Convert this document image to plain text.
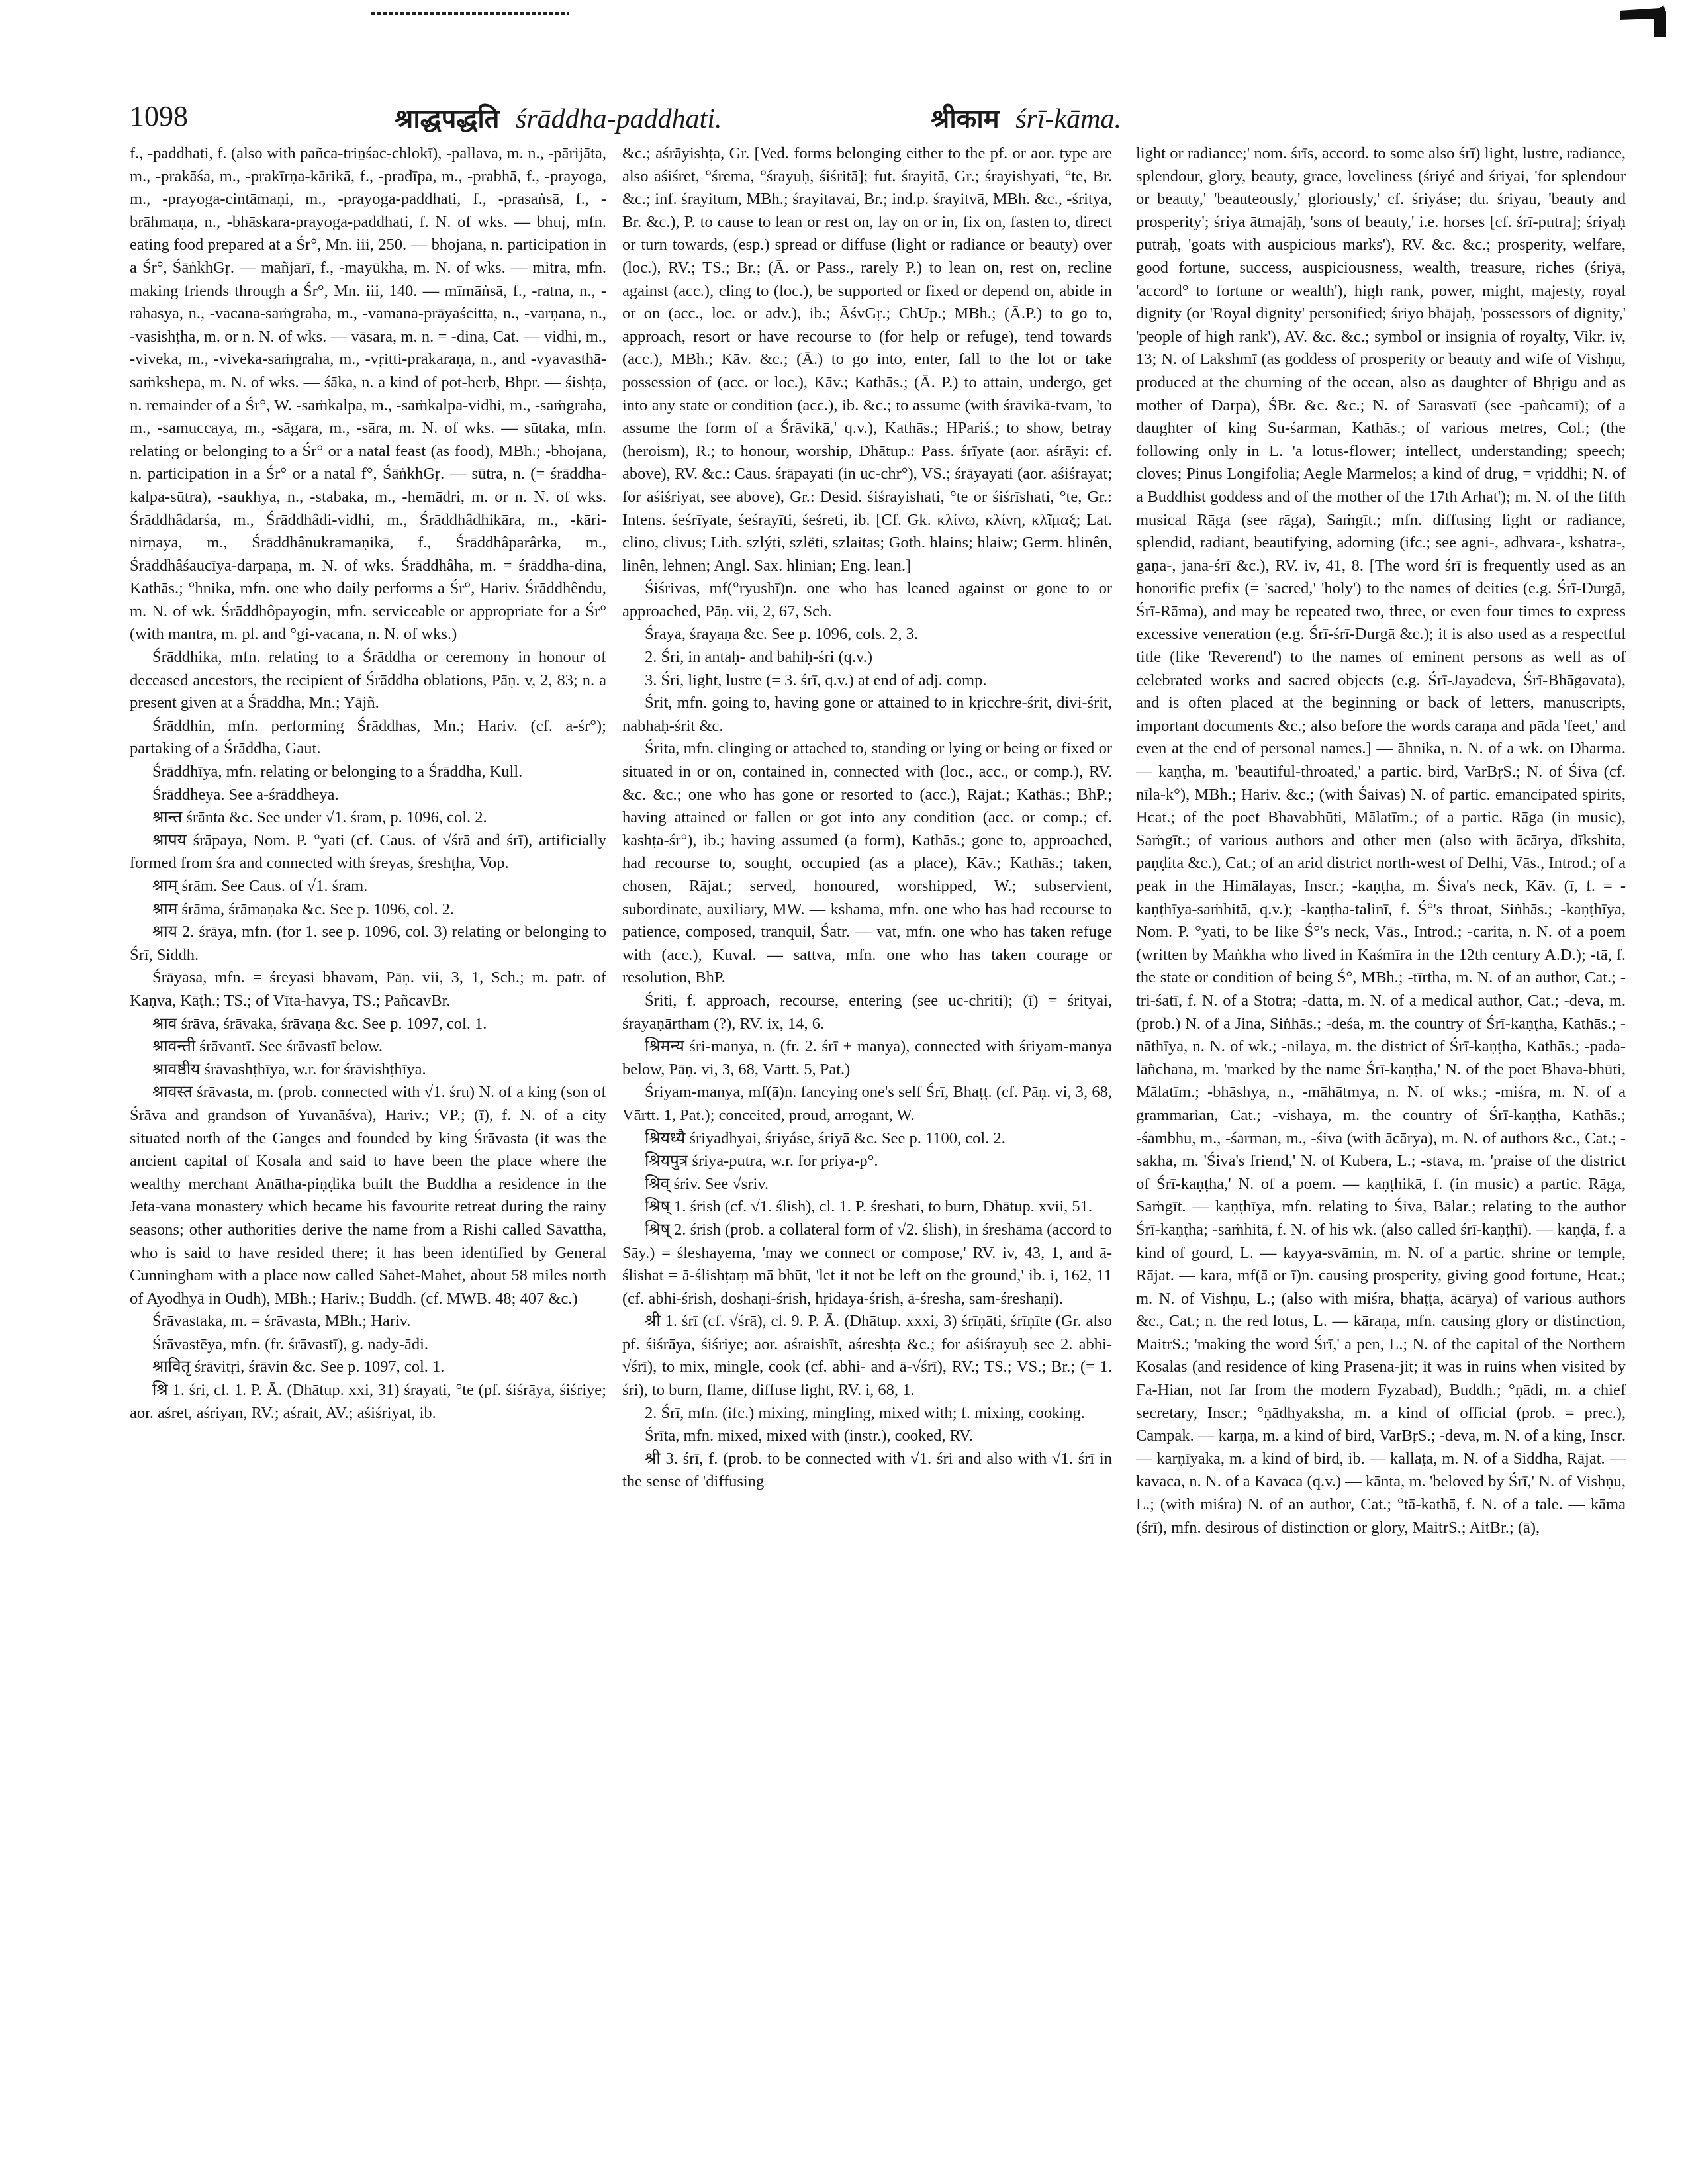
1098	श्राद्धपद्धति śrāddha-paddhati.	श्रीकाम śrī-kāma.

f., -paddhati, f. (also with pañca-triṉśac-chlokī), -pallava, m. n., -pārijāta, m., -prakāśa, m., -prakīrṇa-kārikā, f., -pradīpa, m., -prabhā, f., -prayoga, m., -prayoga-cintāmaṇi, m., -prayoga-paddhati, f., -prasaṅsā, f., -brāhmaṇa, n., -bhāskara-prayoga-paddhati, f. N. of wks. — bhuj, mfn. eating food prepared at a Śr°, Mn. iii, 250. — bhojana, n. participation in a Śr°, ŚāṅkhGṛ. — mañjarī, f., -mayūkha, m. N. of wks. — mitra, mfn. making friends through a Śr°, Mn. iii, 140. — mīmāṅsā, f., -ratna, n., -rahasya, n., -vacana-saṁgraha, m., -vamana-prāyaścitta, n., -varṇana, n., -vasishṭha, m. or n. N. of wks. — vāsara, m. n. = -dina, Cat. — vidhi, m., -viveka, m., -viveka-saṁgraha, m., -vṛitti-prakaraṇa, n., and -vyavasthā-saṁkshepa, m. N. of wks. — śāka, n. a kind of pot-herb, Bhpr. — śishṭa, n. remainder of a Śr°, W. -saṁkalpa, m., -saṁkalpa-vidhi, m., -saṁgraha, m., -samuccaya, m., -sāgara, m., -sāra, m. N. of wks. — sūtaka, mfn. relating or belonging to a Śr° or a natal feast (as food), MBh.; -bhojana, n. participation in a Śr° or a natal f°, ŚāṅkhGṛ. — sūtra, n. (= śrāddha-kalpa-sūtra), -saukhya, n., -stabaka, m., -hemādri, m. or n. N. of wks. Śrāddhâdarśa, m., Śrāddhâdi-vidhi, m., Śrāddhâdhikāra, m., -kāri-nirṇaya, m., Śrāddhânukramaṇikā, f., Śrāddhâparârka, m., Śrāddhâśaucīya-darpaṇa, m. N. of wks. Śrāddhâha, m. = śrāddha-dina, Kathās.; °hnika, mfn. one who daily performs a Śr°, Hariv. Śrāddhêndu, m. N. of wk. Śrāddhôpayogin, mfn. serviceable or appropriate for a Śr° (with mantra, m. pl. and °gi-vacana, n. N. of wks.)

Śrāddhika, mfn. relating to a Śrāddha or ceremony in honour of deceased ancestors, the recipient of Śrāddha oblations, Pāṇ. v, 2, 83; n. a present given at a Śrāddha, Mn.; Yājñ.

Śrāddhin, mfn. performing Śrāddhas, Mn.; Hariv. (cf. a-śr°); partaking of a Śrāddha, Gaut.

Śrāddhīya, mfn. relating or belonging to a Śrāddha, Kull.

Śrāddheya. See a-śrāddheya.

श्रान्त śrānta &c. See under √1. śram, p. 1096, col. 2.

श्रापय śrāpaya, Nom. P. °yati (cf. Caus. of √śrā and śrī), artificially formed from śra and connected with śreyas, śreshṭha, Vop.

श्राम् śrām. See Caus. of √1. śram.

श्राम śrāma, śrāmaṇaka &c. See p. 1096, col. 2.

श्राय 2. śrāya, mfn. (for 1. see p. 1096, col. 3) relating or belonging to Śrī, Siddh.

Śrāyasa, mfn. = śreyasi bhavam, Pāṇ. vii, 3, 1, Sch.; m. patr. of Kaṇva, Kāṭh.; TS.; of Vīta-havya, TS.; PañcavBr.

श्राव śrāva, śrāvaka, śrāvaṇa &c. See p. 1097, col. 1.

श्रावन्ती śrāvantī. See śrāvastī below.

श्रावष्ठीय śrāvashṭhīya, w.r. for śrāvishṭhīya.

श्रावस्त śrāvasta, m. (prob. connected with √1. śru) N. of a king (son of Śrāva and grandson of Yuvanāśva), Hariv.; VP.; (ī), f. N. of a city situated north of the Ganges and founded by king Śrāvasta (it was the ancient capital of Kosala and said to have been the place where the wealthy merchant Anātha-piṇḍika built the Buddha a residence in the Jeta-vana monastery which became his favourite retreat during the rainy seasons; other authorities derive the name from a Rishi called Sāvattha, who is said to have resided there; it has been identified by General Cunningham with a place now called Sahet-Mahet, about 58 miles north of Ayodhyā in Oudh), MBh.; Hariv.; Buddh. (cf. MWB. 48; 407 &c.)

Śrāvastaka, m. = śrāvasta, MBh.; Hariv.

Śrāvastēya, mfn. (fr. śrāvastī), g. nady-ādi.

श्रावितृ śrāvitṛi, śrāvin &c. See p. 1097, col. 1.

श्रि 1. śri, cl. 1. P. Ā. (Dhātup. xxi, 31) śrayati, °te (pf. śiśrāya, śiśriye; aor. aśret, aśriyan, RV.; aśrait, AV.; aśiśriyat, ib.

&c.; aśrāyishṭa, Gr. [Ved. forms belonging either to the pf. or aor. type are also aśiśret, °śrema, °śrayuḥ, śiśritā]; fut. śrayitā, Gr.; śrayishyati, °te, Br. &c.; inf. śrayitum, MBh.; śrayitavai, Br.; ind.p. śrayitvā, MBh. &c., -śritya, Br. &c.), P. to cause to lean or rest on, lay on or in, fix on, fasten to, direct or turn towards, (esp.) spread or diffuse (light or radiance or beauty) over (loc.), RV.; TS.; Br.; (Ā. or Pass., rarely P.) to lean on, rest on, recline against (acc.), cling to (loc.), be supported or fixed or depend on, abide in or on (acc., loc. or adv.), ib.; ĀśvGṛ.; ChUp.; MBh.; (Ā.P.) to go to, approach, resort or have recourse to (for help or refuge), tend towards (acc.), MBh.; Kāv. &c.; (Ā.) to go into, enter, fall to the lot or take possession of (acc. or loc.), Kāv.; Kathās.; (Ā. P.) to attain, undergo, get into any state or condition (acc.), ib. &c.; to assume (with śrāvikā-tvam, 'to assume the form of a Śrāvikā,' q.v.), Kathās.; HPariś.; to show, betray (heroism), R.; to honour, worship, Dhātup.: Pass. śrīyate (aor. aśrāyi: cf. above), RV. &c.: Caus. śrāpayati (in uc-chr°), VS.; śrāyayati (aor. aśiśrayat; for aśiśriyat, see above), Gr.: Desid. śiśrayishati, °te or śiśrīshati, °te, Gr.: Intens. śeśrīyate, śeśrayīti, śeśreti, ib. [Cf. Gk. κλίνω, κλίνη, κλῖμαξ; Lat. clino, clivus; Lith. szlýti, szlëti, szlaitas; Goth. hlains; hlaiw; Germ. hlinên, linên, lehnen; Angl. Sax. hlinian; Eng. lean.]

Śiśrivas, mf(°ryushī)n. one who has leaned against or gone to or approached, Pāṇ. vii, 2, 67, Sch.

Śraya, śrayaṇa &c. See p. 1096, cols. 2, 3.

2. Śri, in antaḥ- and bahiḥ-śri (q.v.)

3. Śri, light, lustre (= 3. śrī, q.v.) at end of adj. comp.

Śrit, mfn. going to, having gone or attained to in kṛicchre-śrit, divi-śrit, nabhaḥ-śrit &c.

Śrita, mfn. clinging or attached to, standing or lying or being or fixed or situated in or on, contained in, connected with (loc., acc., or comp.), RV. &c. &c.; one who has gone or resorted to (acc.), Rājat.; Kathās.; BhP.; having attained or fallen or got into any condition (acc. or comp.; cf. kashṭa-śr°), ib.; having assumed (a form), Kathās.; gone to, approached, had recourse to, sought, occupied (as a place), Kāv.; Kathās.; taken, chosen, Rājat.; served, honoured, worshipped, W.; subservient, subordinate, auxiliary, MW. — kshama, mfn. one who has had recourse to patience, composed, tranquil, Śatr. — vat, mfn. one who has taken refuge with (acc.), Kuval. — sattva, mfn. one who has taken courage or resolution, BhP.

Śriti, f. approach, recourse, entering (see uc-chriti); (ī) = śrityai, śrayaṇārtham (?), RV. ix, 14, 6.

श्रिमन्य śri-manya, n. (fr. 2. śrī + manya), connected with śriyam-manya below, Pāṇ. vi, 3, 68, Vārtt. 5, Pat.)

Śriyam-manya, mf(ā)n. fancying one's self Śrī, Bhaṭṭ. (cf. Pāṇ. vi, 3, 68, Vārtt. 1, Pat.); conceited, proud, arrogant, W.

श्रियध्यै śriyadhyai, śriyáse, śriyā &c. See p. 1100, col. 2.

श्रियपुत्र śriya-putra, w.r. for priya-p°.

श्रिव् śriv. See √sriv.

श्रिष् 1. śrish (cf. √1. ślish), cl. 1. P. śreshati, to burn, Dhātup. xvii, 51.

श्रिष् 2. śrish (prob. a collateral form of √2. ślish), in śreshāma (accord to Sāy.) = śleshayema, 'may we connect or compose,' RV. iv, 43, 1, and ā-ślishat = ā-ślishṭaṃ mā bhūt, 'let it not be left on the ground,' ib. i, 162, 11 (cf. abhi-śrish, doshaṇi-śrish, hṛidaya-śrish, ā-śresha, sam-śreshaṇi).

श्री 1. śrī (cf. √śrā), cl. 9. P. Ā. (Dhātup. xxxi, 3) śrīṇāti, śrīṇīte (Gr. also pf. śiśrāya, śiśriye; aor. aśraishīt, aśreshṭa &c.; for aśiśrayuḥ see 2. abhi-√śrī), to mix, mingle, cook (cf. abhi- and ā-√śrī), RV.; TS.; VS.; Br.; (= 1. śri), to burn, flame, diffuse light, RV. i, 68, 1.

2. Śrī, mfn. (ifc.) mixing, mingling, mixed with; f. mixing, cooking.

Śrīta, mfn. mixed, mixed with (instr.), cooked, RV.

श्री 3. śrī, f. (prob. to be connected with √1. śri and also with √1. śrī in the sense of 'diffusing

light or radiance;' nom. śrīs, accord. to some also śrī) light, lustre, radiance, splendour, glory, beauty, grace, loveliness (śriyé and śriyai, 'for splendour or beauty,' 'beauteously,' gloriously,' cf. śriyáse; du. śriyau, 'beauty and prosperity'; śriya ātmajāḥ, 'sons of beauty,' i.e. horses [cf. śrī-putra]; śriyaḥ putrāḥ, 'goats with auspicious marks'), RV. &c. &c.; prosperity, welfare, good fortune, success, auspiciousness, wealth, treasure, riches (śriyā, 'accord° to fortune or wealth'), high rank, power, might, majesty, royal dignity (or 'Royal dignity' personified; śriyo bhājaḥ, 'possessors of dignity,' 'people of high rank'), AV. &c. &c.; symbol or insignia of royalty, Vikr. iv, 13; N. of Lakshmī (as goddess of prosperity or beauty and wife of Vishṇu, produced at the churning of the ocean, also as daughter of Bhṛigu and as mother of Darpa), ŚBr. &c. &c.; N. of Sarasvatī (see -pañcamī); of a daughter of king Su-śarman, Kathās.; of various metres, Col.; (the following only in L. 'a lotus-flower; intellect, understanding; speech; cloves; Pinus Longifolia; Aegle Marmelos; a kind of drug, = vṛiddhi; N. of a Buddhist goddess and of the mother of the 17th Arhat'); m. N. of the fifth musical Rāga (see rāga), Saṁgīt.; mfn. diffusing light or radiance, splendid, radiant, beautifying, adorning (ifc.; see agni-, adhvara-, kshatra-, gaṇa-, jana-śrī &c.), RV. iv, 41, 8. [The word śrī is frequently used as an honorific prefix (= 'sacred,' 'holy') to the names of deities (e.g. Śrī-Durgā, Śrī-Rāma), and may be repeated two, three, or even four times to express excessive veneration (e.g. Śrī-śrī-Durgā &c.); it is also used as a respectful title (like 'Reverend') to the names of eminent persons as well as of celebrated works and sacred objects (e.g. Śrī-Jayadeva, Śrī-Bhāgavata), and is often placed at the beginning or back of letters, manuscripts, important documents &c.; also before the words caraṇa and pāda 'feet,' and even at the end of personal names.] — āhnika, n. N. of a wk. on Dharma. — kaṇṭha, m. 'beautiful-throated,' a partic. bird, VarBṛS.; N. of Śiva (cf. nīla-k°), MBh.; Hariv. &c.; (with Śaivas) N. of partic. emancipated spirits, Hcat.; of the poet Bhavabhūti, Mālatīm.; of a partic. Rāga (in music), Saṁgīt.; of various authors and other men (also with ācārya, dīkshita, paṇḍita &c.), Cat.; of an arid district north-west of Delhi, Vās., Introd.; of a peak in the Himālayas, Inscr.; -kaṇṭha, m. Śiva's neck, Kāv. (ī, f. = -kaṇṭhīya-saṁhitā, q.v.); -kaṇṭha-talinī, f. Ś°'s throat, Siṅhās.; -kaṇṭhīya, Nom. P. °yati, to be like Ś°'s neck, Vās., Introd.; -carita, n. N. of a poem (written by Maṅkha who lived in Kaśmīra in the 12th century A.D.); -tā, f. the state or condition of being Ś°, MBh.; -tīrtha, m. N. of an author, Cat.; -tri-śatī, f. N. of a Stotra; -datta, m. N. of a medical author, Cat.; -deva, m. (prob.) N. of a Jina, Siṅhās.; -deśa, m. the country of Śrī-kaṇṭha, Kathās.; -nāthīya, n. N. of wk.; -nilaya, m. the district of Śrī-kaṇṭha, Kathās.; -pada-lāñchana, m. 'marked by the name Śrī-kaṇṭha,' N. of the poet Bhava-bhūti, Mālatīm.; -bhāshya, n., -māhātmya, n. N. of wks.; -miśra, m. N. of a grammarian, Cat.; -vishaya, m. the country of Śrī-kaṇṭha, Kathās.; -śambhu, m., -śarman, m., -śiva (with ācārya), m. N. of authors &c., Cat.; -sakha, m. 'Śiva's friend,' N. of Kubera, L.; -stava, m. 'praise of the district of Śrī-kaṇṭha,' N. of a poem. — kaṇṭhikā, f. (in music) a partic. Rāga, Saṁgīt. — kaṇṭhīya, mfn. relating to Śiva, Bālar.; relating to the author Śrī-kaṇṭha; -saṁhitā, f. N. of his wk. (also called śrī-kaṇṭhī). — kaṇḍā, f. a kind of gourd, L. — kayya-svāmin, m. N. of a partic. shrine or temple, Rājat. — kara, mf(ā or ī)n. causing prosperity, giving good fortune, Hcat.; m. N. of Vishṇu, L.; (also with miśra, bhaṭṭa, ācārya) of various authors &c., Cat.; n. the red lotus, L. — kāraṇa, mfn. causing glory or distinction, MaitrS.; 'making the word Śrī,' a pen, L.; N. of the capital of the Northern Kosalas (and residence of king Prasena-jit; it was in ruins when visited by Fa-Hian, not far from the modern Fyzabad), Buddh.; °ṇādi, m. a chief secretary, Inscr.; °ṇādhyaksha, m. a kind of official (prob. = prec.), Campak. — karṇa, m. a kind of bird, VarBṛS.; -deva, m. N. of a king, Inscr. — karṇīyaka, m. a kind of bird, ib. — kallaṭa, m. N. of a Siddha, Rājat. — kavaca, n. N. of a Kavaca (q.v.) — kānta, m. 'beloved by Śrī,' N. of Vishṇu, L.; (with miśra) N. of an author, Cat.; °tā-kathā, f. N. of a tale. — kāma (śrī), mfn. desirous of distinction or glory, MaitrS.; AitBr.; (ā),
